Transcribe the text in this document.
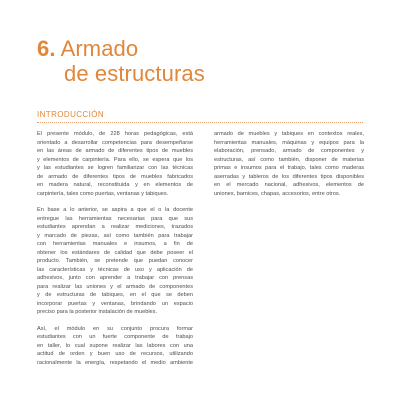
6. Armado
de estructuras
INTRODUCCIÓN
El presente módulo, de 228 horas pedagógicas, está
orientado a desarrollar competencias para desempeñarse
en las áreas de armado de diferentes tipos de muebles
y elementos de carpintería. Para ello, se espera que los
y las estudiantes se logren familiarizar con las técnicas
de armado de diferentes tipos de muebles fabricados
en madera natural, reconstituida y en elementos de
carpintería, tales como puertas, ventanas y tabiques.
En base a lo anterior, se aspira a que el o la docente
entregue las herramientas necesarias para que sus
estudiantes aprendan a realizar mediciones, trazados
y marcado de piezas, así como también para trabajar
con herramientas manuales e insumos, a fin de
obtener los estándares de calidad que debe poseer el
producto. También, se pretende que puedan conocer
las características y técnicas de uso y aplicación de
adhesivos, junto con aprender a trabajar con prensas
para realizar las uniones y el armado de componentes
y de estructuras de tabiques, en el que se deben
incorporar puertas y ventanas, brindando un espacio
preciso para la posterior instalación de muebles.
Así, el módulo en su conjunto procura formar
estudiantes con un fuerte componente de trabajo
en taller, lo cual supone realizar las labores con una
actitud de orden y buen uso de recursos, utilizando
racionalmente la energía, respetando el medio ambiente
armado de muebles y tabiques en contextos reales,
herramientas manuales, máquinas y equipos para la
elaboración, prensado, armado de componentes y
estructuras, así como también, disponer de materias
primas e insumos para el trabajo, tales como maderas
aserradas y tableros de los diferentes tipos disponibles
en el mercado nacional, adhesivos, elementos de
uniones, barnices, chapas, accesorios, entre otros.
